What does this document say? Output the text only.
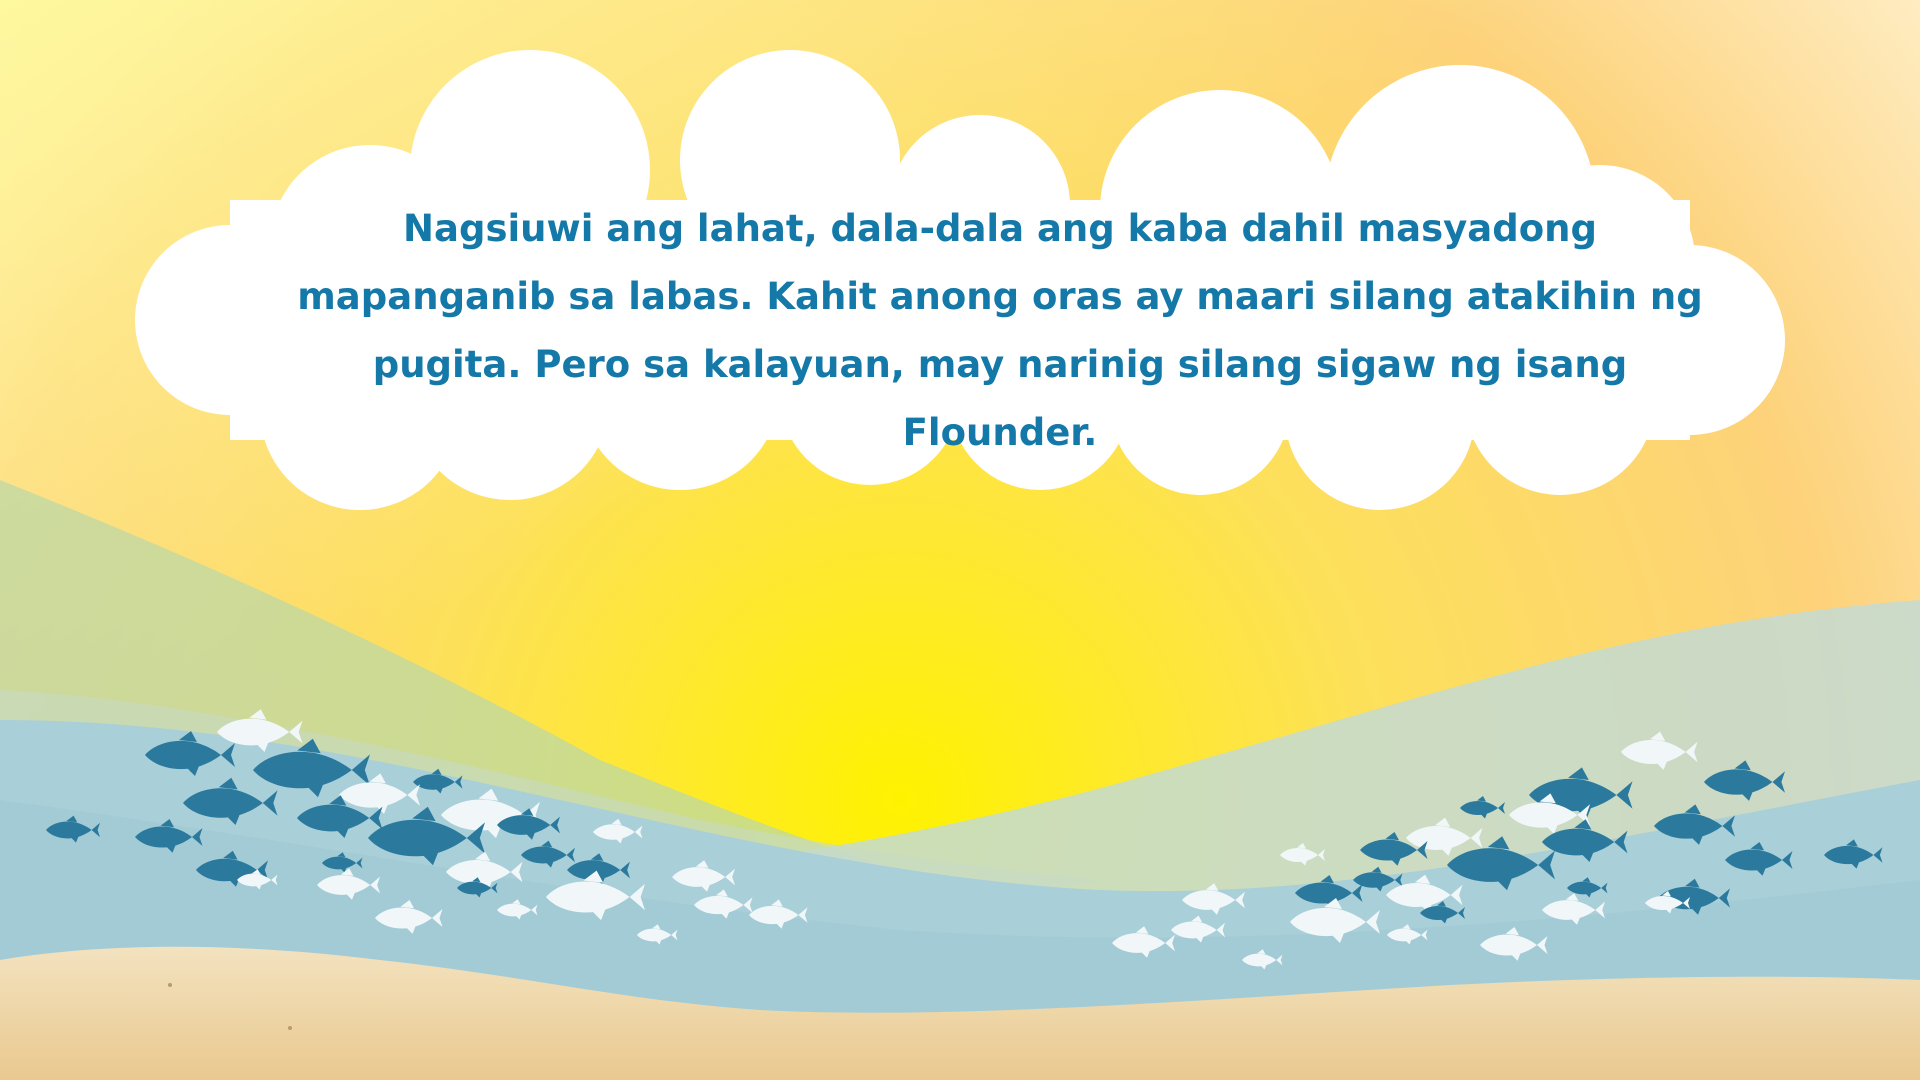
Nagsiuwi ang lahat, dala-dala ang kaba dahil masyadong mapanganib sa labas. Kahit anong oras ay maari silang atakihin ng pugita. Pero sa kalayuan, may narinig silang sigaw ng isang Flounder.
